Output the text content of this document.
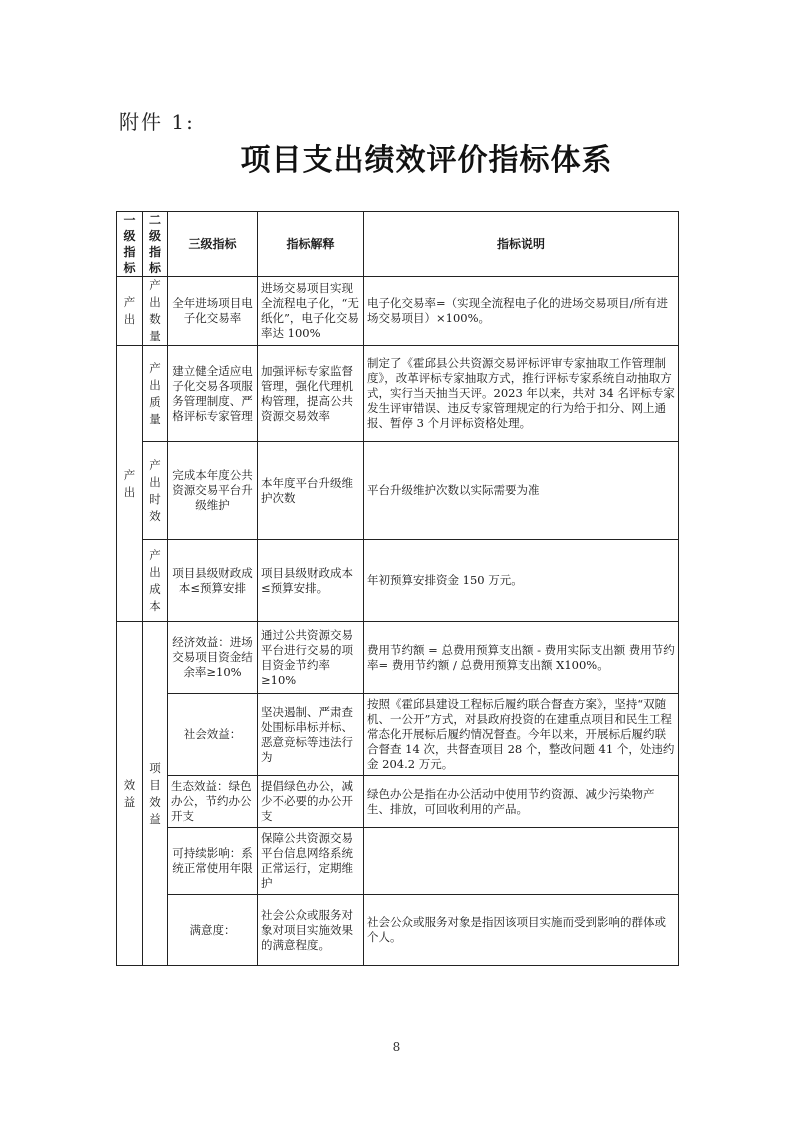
附件 1:
项目支出绩效评价指标体系
一级指标	二级指标	三级指标	指标解释	指标说明
产出	产出数量	全年进场项目电子化交易率	进场交易项目实现全流程电子化，“无纸化”，电子化交易率达 100%	电子化交易率=（实现全流程电子化的进场交易项目/所有进场交易项目）×100%。
产出	产出质量	建立健全适应电子化交易各项服务管理制度、严格评标专家管理	加强评标专家监督管理，强化代理机构管理，提高公共资源交易效率	制定了《霍邱县公共资源交易评标评审专家抽取工作管理制度》，改革评标专家抽取方式，推行评标专家系统自动抽取方式，实行当天抽当天评。2023 年以来，共对 34 名评标专家发生评审错误、违反专家管理规定的行为给于扣分、网上通报、暂停 3 个月评标资格处理。
	产出时效	完成本年度公共资源交易平台升级维护	本年度平台升级维护次数	平台升级维护次数以实际需要为准
	产出成本	项目县级财政成本≤预算安排	项目县级财政成本≤预算安排。	年初预算安排资金 150 万元。
效益	项目效益	经济效益：进场交易项目资金结余率≥10%	通过公共资源交易平台进行交易的项目资金节约率≥10%	费用节约额 = 总费用预算支出额 - 费用实际支出额 费用节约率= 费用节约额 / 总费用预算支出额 X100%。
		社会效益：	坚决遏制、严肃查处围标串标并标、恶意竞标等违法行为	按照《霍邱县建设工程标后履约联合督查方案》，坚持“双随机、一公开”方式，对县政府投资的在建重点项目和民生工程常态化开展标后履约情况督查。今年以来，开展标后履约联合督查 14 次，共督查项目 28 个，整改问题 41 个，处违约金 204.2 万元。
		生态效益：绿色办公，节约办公开支	提倡绿色办公，减少不必要的办公开支	绿色办公是指在办公活动中使用节约资源、减少污染物产生、排放，可回收利用的产品。
		可持续影响：系统正常使用年限	保障公共资源交易平台信息网络系统正常运行，定期维护	
		满意度：	社会公众或服务对象对项目实施效果的满意程度。	社会公众或服务对象是指因该项目实施而受到影响的群体或个人。
8
